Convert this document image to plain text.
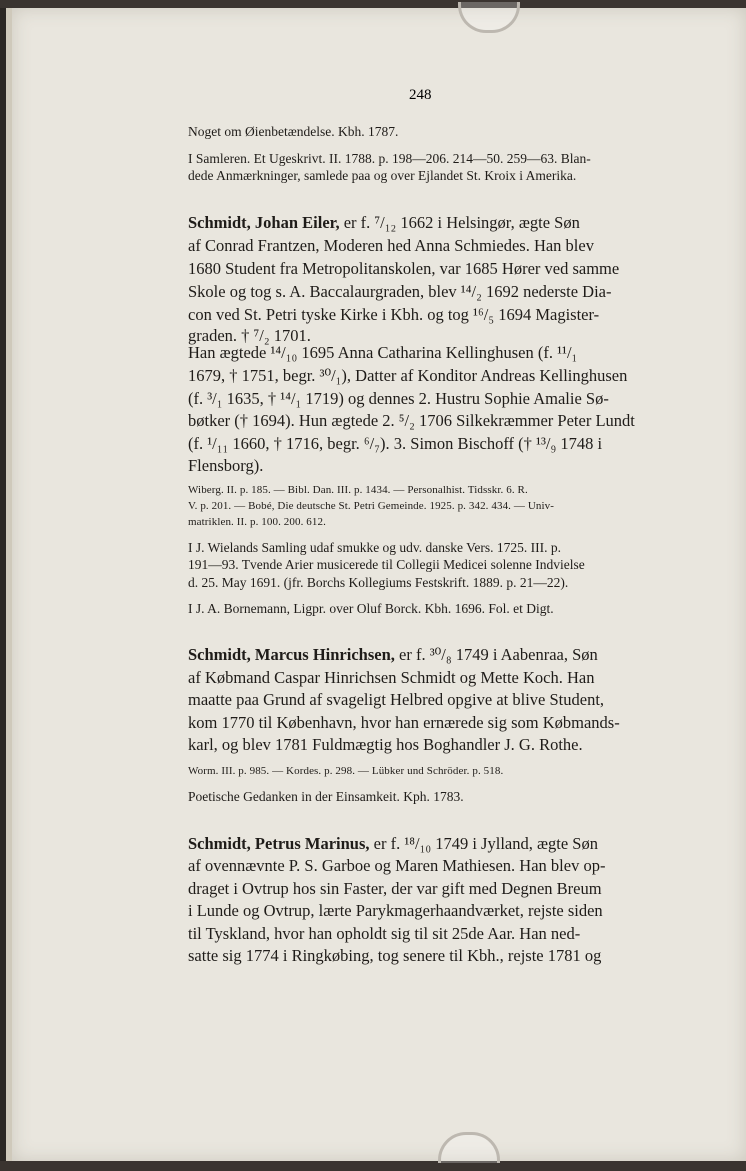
248
Noget om Øienbetændelse. Kbh. 1787.
I Samleren. Et Ugeskrivt. II. 1788. p. 198—206. 214—50. 259—63. Blan-
dede Anmærkninger, samlede paa og over Ejlandet St. Kroix i Amerika.
Schmidt, Johan Eiler, er f. ⁷/₁₂ 1662 i Helsingør, ægte Søn
af Conrad Frantzen, Moderen hed Anna Schmiedes. Han blev
1680 Student fra Metropolitanskolen, var 1685 Hører ved samme
Skole og tog s. A. Baccalaurgraden, blev ¹⁴/₂ 1692 nederste Dia-
con ved St. Petri tyske Kirke i Kbh. og tog ¹⁶/₅ 1694 Magister-
graden. † ⁷/₂ 1701.
Han ægtede ¹⁴/₁₀ 1695 Anna Catharina Kellinghusen (f. ¹¹/₁
1679, † 1751, begr. ³⁰/₁), Datter af Konditor Andreas Kellinghusen
(f. ³/₁ 1635, † ¹⁴/₁ 1719) og dennes 2. Hustru Sophie Amalie Sø-
bøtker († 1694). Hun ægtede 2. ⁵/₂ 1706 Silkekræmmer Peter Lundt
(f. ¹/₁₁ 1660, † 1716, begr. ⁶/₇). 3. Simon Bischoff († ¹³/₉ 1748 i
Flensborg).
Wiberg. II. p. 185. — Bibl. Dan. III. p. 1434. — Personalhist. Tidsskr. 6. R.
V. p. 201. — Bobé, Die deutsche St. Petri Gemeinde. 1925. p. 342. 434. — Univ-
matriklen. II. p. 100. 200. 612.
I J. Wielands Samling udaf smukke og udv. danske Vers. 1725. III. p.
191—93. Tvende Arier musicerede til Collegii Medicei solenne Indvielse
d. 25. May 1691. (jfr. Borchs Kollegiums Festskrift. 1889. p. 21—22).
I J. A. Bornemann, Ligpr. over Oluf Borck. Kbh. 1696. Fol. et Digt.
Schmidt, Marcus Hinrichsen, er f. ³⁰/₈ 1749 i Aabenraa, Søn
af Købmand Caspar Hinrichsen Schmidt og Mette Koch. Han
maatte paa Grund af svageligt Helbred opgive at blive Student,
kom 1770 til København, hvor han ernærede sig som Købmands-
karl, og blev 1781 Fuldmægtig hos Boghandler J. G. Rothe.
Worm. III. p. 985. — Kordes. p. 298. — Lübker und Schröder. p. 518.
Poetische Gedanken in der Einsamkeit. Kph. 1783.
Schmidt, Petrus Marinus, er f. ¹⁸/₁₀ 1749 i Jylland, ægte Søn
af ovennævnte P. S. Garboe og Maren Mathiesen. Han blev op-
draget i Ovtrup hos sin Faster, der var gift med Degnen Breum
i Lunde og Ovtrup, lærte Parykmagerhaandværket, rejste siden
til Tyskland, hvor han opholdt sig til sit 25de Aar. Han ned-
satte sig 1774 i Ringkøbing, tog senere til Kbh., rejste 1781 og
